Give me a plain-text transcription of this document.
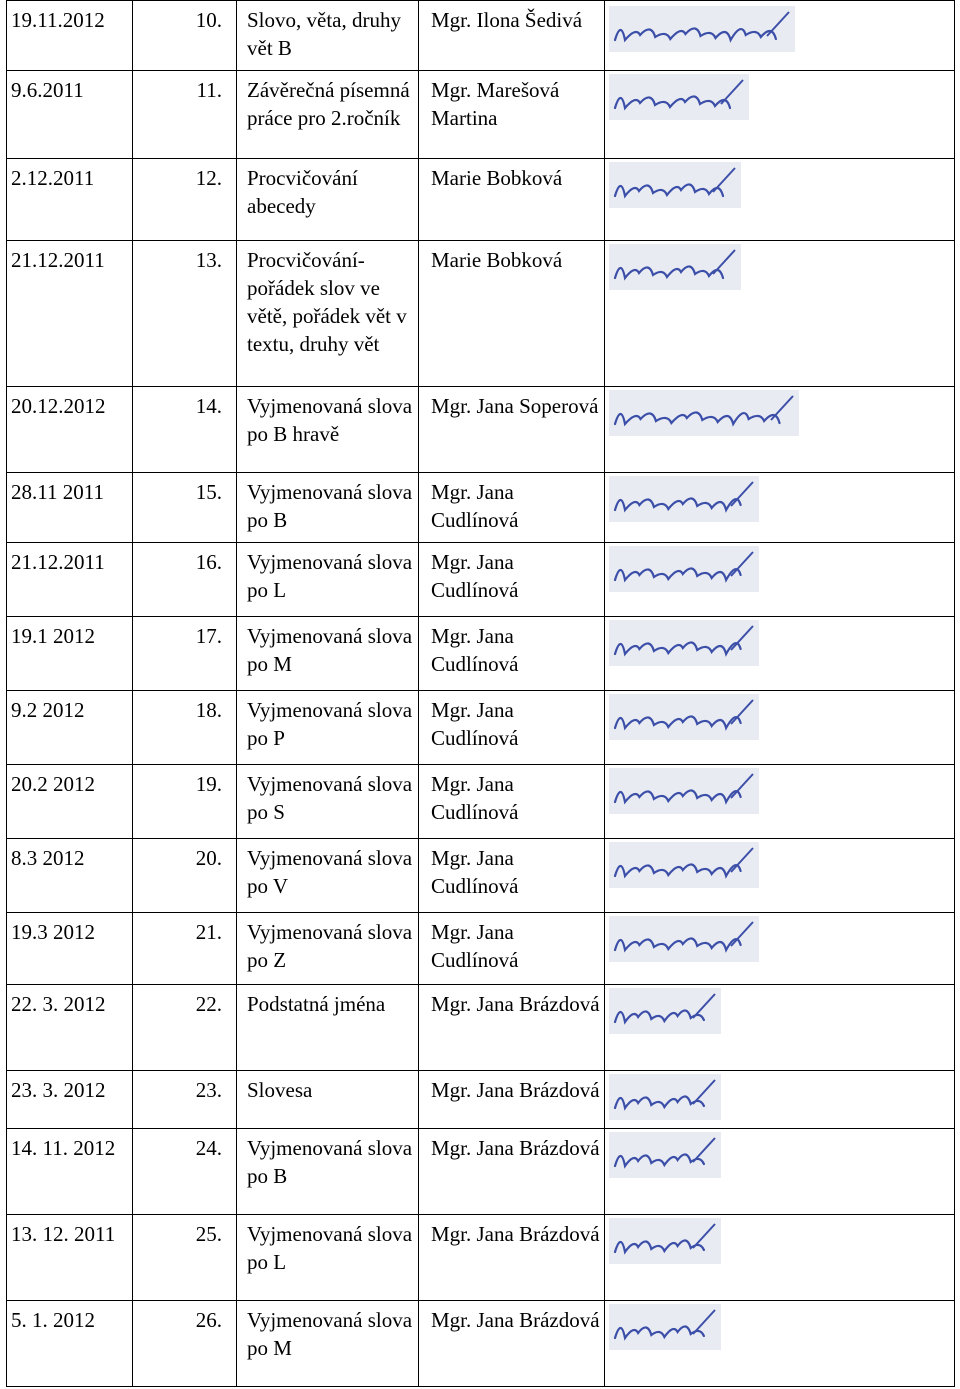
19.11.2012	10.	Slovo, věta, druhy vět B	Mgr. Ilona Šedivá	

9.6.2011	11.	Závěrečná písemná práce pro 2.ročník	Mgr. Marešová Martina	

2.12.2011	12.	Procvičování abecedy	Marie Bobková	

21.12.2011	13.	Procvičování- pořádek slov ve větě, pořádek vět v textu, druhy vět	Marie Bobková	

20.12.2012	14.	Vyjmenovaná slova po B hravě	Mgr. Jana Soperová	

28.11 2011	15.	Vyjmenovaná slova po B	Mgr. Jana Cudlínová	

21.12.2011	16.	Vyjmenovaná slova po L	Mgr. Jana Cudlínová	

19.1 2012	17.	Vyjmenovaná slova po M	Mgr. Jana Cudlínová	

9.2 2012	18.	Vyjmenovaná slova po P	Mgr. Jana Cudlínová	

20.2 2012	19.	Vyjmenovaná slova po S	Mgr. Jana Cudlínová	

8.3 2012	20.	Vyjmenovaná slova po V	Mgr. Jana Cudlínová	

19.3 2012	21.	Vyjmenovaná slova po Z	Mgr. Jana Cudlínová	

22. 3. 2012	22.	Podstatná jména	Mgr. Jana Brázdová	

23. 3. 2012	23.	Slovesa	Mgr. Jana Brázdová	

14. 11. 2012	24.	Vyjmenovaná slova po B	Mgr. Jana Brázdová	

13. 12. 2011	25.	Vyjmenovaná slova po L	Mgr. Jana Brázdová	

5. 1. 2012	26.	Vyjmenovaná slova po M	Mgr. Jana Brázdová	
